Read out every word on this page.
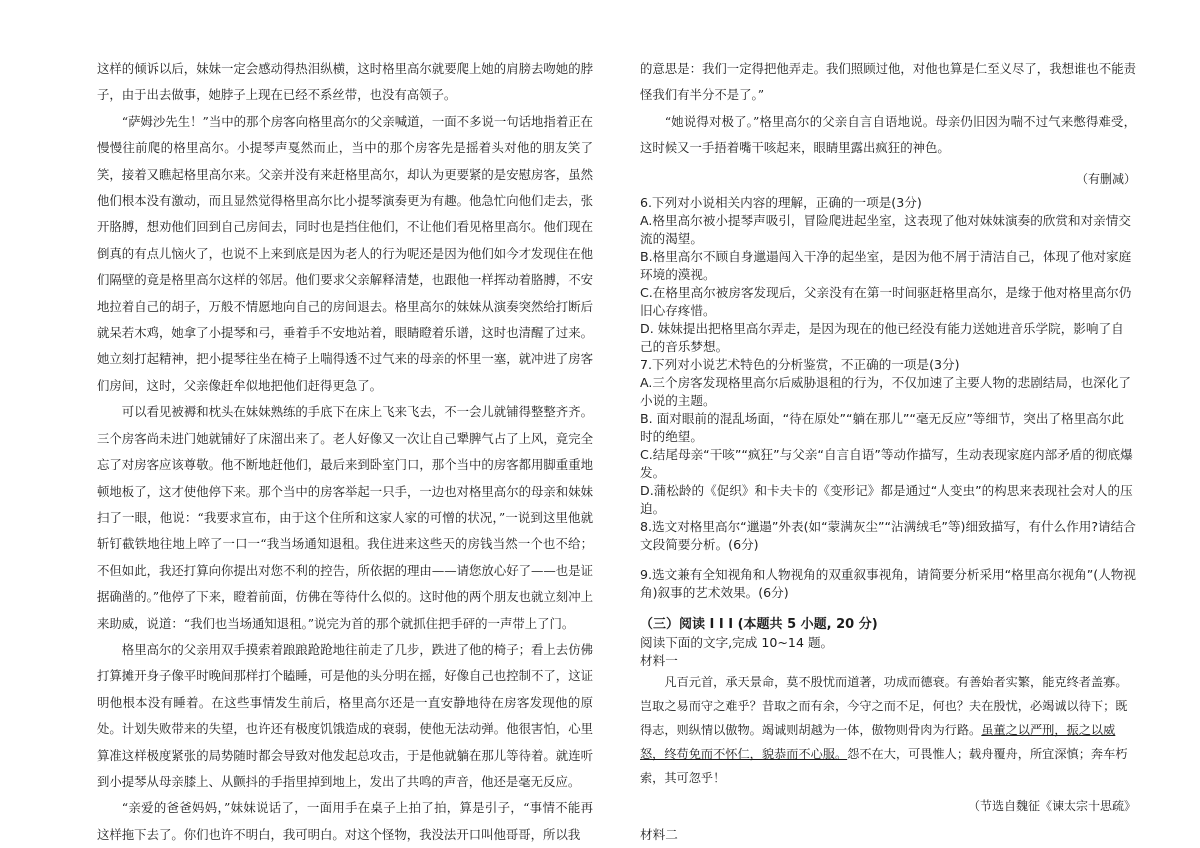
这样的倾诉以后，妹妹一定会感动得热泪纵横，这时格里高尔就要爬上她的肩膀去吻她的脖子，由于出去做事，她脖子上现在已经不系丝带，也没有高领子。

“萨姆沙先生！”当中的那个房客向格里高尔的父亲喊道，一面不多说一句话地指着正在慢慢往前爬的格里高尔。小提琴声戛然而止，当中的那个房客先是摇着头对他的朋友笑了笑，接着又瞧起格里高尔来。父亲并没有来赶格里高尔，却认为更要紧的是安慰房客，虽然他们根本没有激动，而且显然觉得格里高尔比小提琴演奏更为有趣。他急忙向他们走去，张开胳膊，想劝他们回到自己房间去，同时也是挡住他们，不让他们看见格里高尔。他们现在倒真的有点儿恼火了，也说不上来到底是因为老人的行为呢还是因为他们如今才发现住在他们隔壁的竟是格里高尔这样的邻居。他们要求父亲解释清楚，也跟他一样挥动着胳膊，不安地拉着自己的胡子，万般不情愿地向自己的房间退去。格里高尔的妹妹从演奏突然给打断后就呆若木鸡，她拿了小提琴和弓，垂着手不安地站着，眼睛瞪着乐谱，这时也清醒了过来。她立刻打起精神，把小提琴往坐在椅子上喘得透不过气来的母亲的怀里一塞，就冲进了房客们房间，这时，父亲像赶牟似地把他们赶得更急了。

可以看见被褥和枕头在妹妹熟练的手底下在床上飞来飞去，不一会儿就铺得整整齐齐。三个房客尚未进门她就铺好了床溜出来了。老人好像又一次让自己犟脾气占了上风，竟完全忘了对房客应该尊敬。他不断地赶他们，最后来到卧室门口，那个当中的房客都用脚重重地顿地板了，这才使他停下来。那个当中的房客举起一只手，一边也对格里高尔的母亲和妹妹扫了一眼，他说：“我要求宣布，由于这个住所和这家人家的可憎的状况，”一说到这里他就斩钉截铁地往地上啐了一口一“我当场通知退租。我住进来这些天的房钱当然一个也不给；不但如此，我还打算向你提出对您不利的控告，所依据的理由——请您放心好了——也是证据确凿的。”他停了下来，瞪着前面，仿佛在等待什么似的。这时他的两个朋友也就立刻冲上来助威，说道：“我们也当场通知退租。”说完为首的那个就抓住把手砰的一声带上了门。

格里高尔的父亲用双手摸索着踉踉跄跄地往前走了几步，跌进了他的椅子；看上去仿佛打算摊开身子像平时晚间那样打个瞌睡，可是他的头分明在摇，好像自己也控制不了，这证明他根本没有睡着。在这些事情发生前后，格里高尔还是一直安静地待在房客发现他的原处。计划失败带来的失望，也许还有极度饥饿造成的衰弱，使他无法动弹。他很害怕，心里算准这样极度紧张的局势随时都会导致对他发起总攻击，于是他就躺在那儿等待着。就连听到小提琴从母亲膝上、从颤抖的手指里掉到地上，发出了共鸣的声音，他还是毫无反应。

“亲爱的爸爸妈妈，”妹妹说话了，一面用手在桌子上拍了拍，算是引子，“事情不能再这样拖下去了。你们也许不明白，我可明白。对这个怪物，我没法开口叫他哥哥，所以我

的意思是：我们一定得把他弄走。我们照顾过他，对他也算是仁至义尽了，我想谁也不能责怪我们有半分不是了。”

“她说得对极了。”格里高尔的父亲自言自语地说。母亲仍旧因为喘不过气来憋得难受，这时候又一手捂着嘴干咳起来，眼睛里露出疯狂的神色。

（有删减）

6.下列对小说相关内容的理解，正确的一项是(3分)

A.格里高尔被小提琴声吸引，冒险爬进起坐室，这表现了他对妹妹演奏的欣赏和对亲情交流的渴望。

B.格里高尔不顾自身邋遢闯入干净的起坐室，是因为他不屑于清洁自己，体现了他对家庭环境的漠视。

C.在格里高尔被房客发现后，父亲没有在第一时间驱赶格里高尔，是缘于他对格里高尔仍旧心存疼惜。

D. 妹妹提出把格里高尔弄走，是因为现在的他已经没有能力送她进音乐学院，影响了自己的音乐梦想。

7.下列对小说艺术特色的分析鉴赏，不正确的一项是(3分)

A.三个房客发现格里高尔后威胁退租的行为，不仅加速了主要人物的悲剧结局，也深化了小说的主题。

B. 面对眼前的混乱场面，“待在原处”“躺在那儿”“毫无反应”等细节，突出了格里高尔此时的绝望。

C.结尾母亲“干咳”“疯狂”与父亲“自言自语”等动作描写，生动表现家庭内部矛盾的彻底爆发。

D.蒲松龄的《促织》和卡夫卡的《变形记》都是通过“人变虫”的构思来表现社会对人的压迫。

8.选文对格里高尔“邋遢”外表(如“蒙满灰尘”“沾满绒毛”等)细致描写，有什么作用?请结合文段简要分析。(6分)

9.选文兼有全知视角和人物视角的双重叙事视角，请简要分析采用“格里高尔视角”(人物视角)叙事的艺术效果。(6分)

（三）阅读 I I I (本题共 5 小题, 20 分)

阅读下面的文字,完成 10~14 题。

材料一

凡百元首，承天景命，莫不殷忧而道著，功成而德衰。有善始者实繁，能克终者盖寡。岂取之易而守之难乎？昔取之而有余，今守之而不足，何也？夫在殷忧，必竭诚以待下；既得志，则纵情以傲物。竭诚则胡越为一体，傲物则骨肉为行路。虽董之以严刑，振之以威怒，终苟免而不怀仁，貌恭而不心服。怨不在大，可畏惟人；载舟覆舟，所宜深慎；奔车朽索，其可忽乎！

（节选自魏征《谏太宗十思疏》

材料二
